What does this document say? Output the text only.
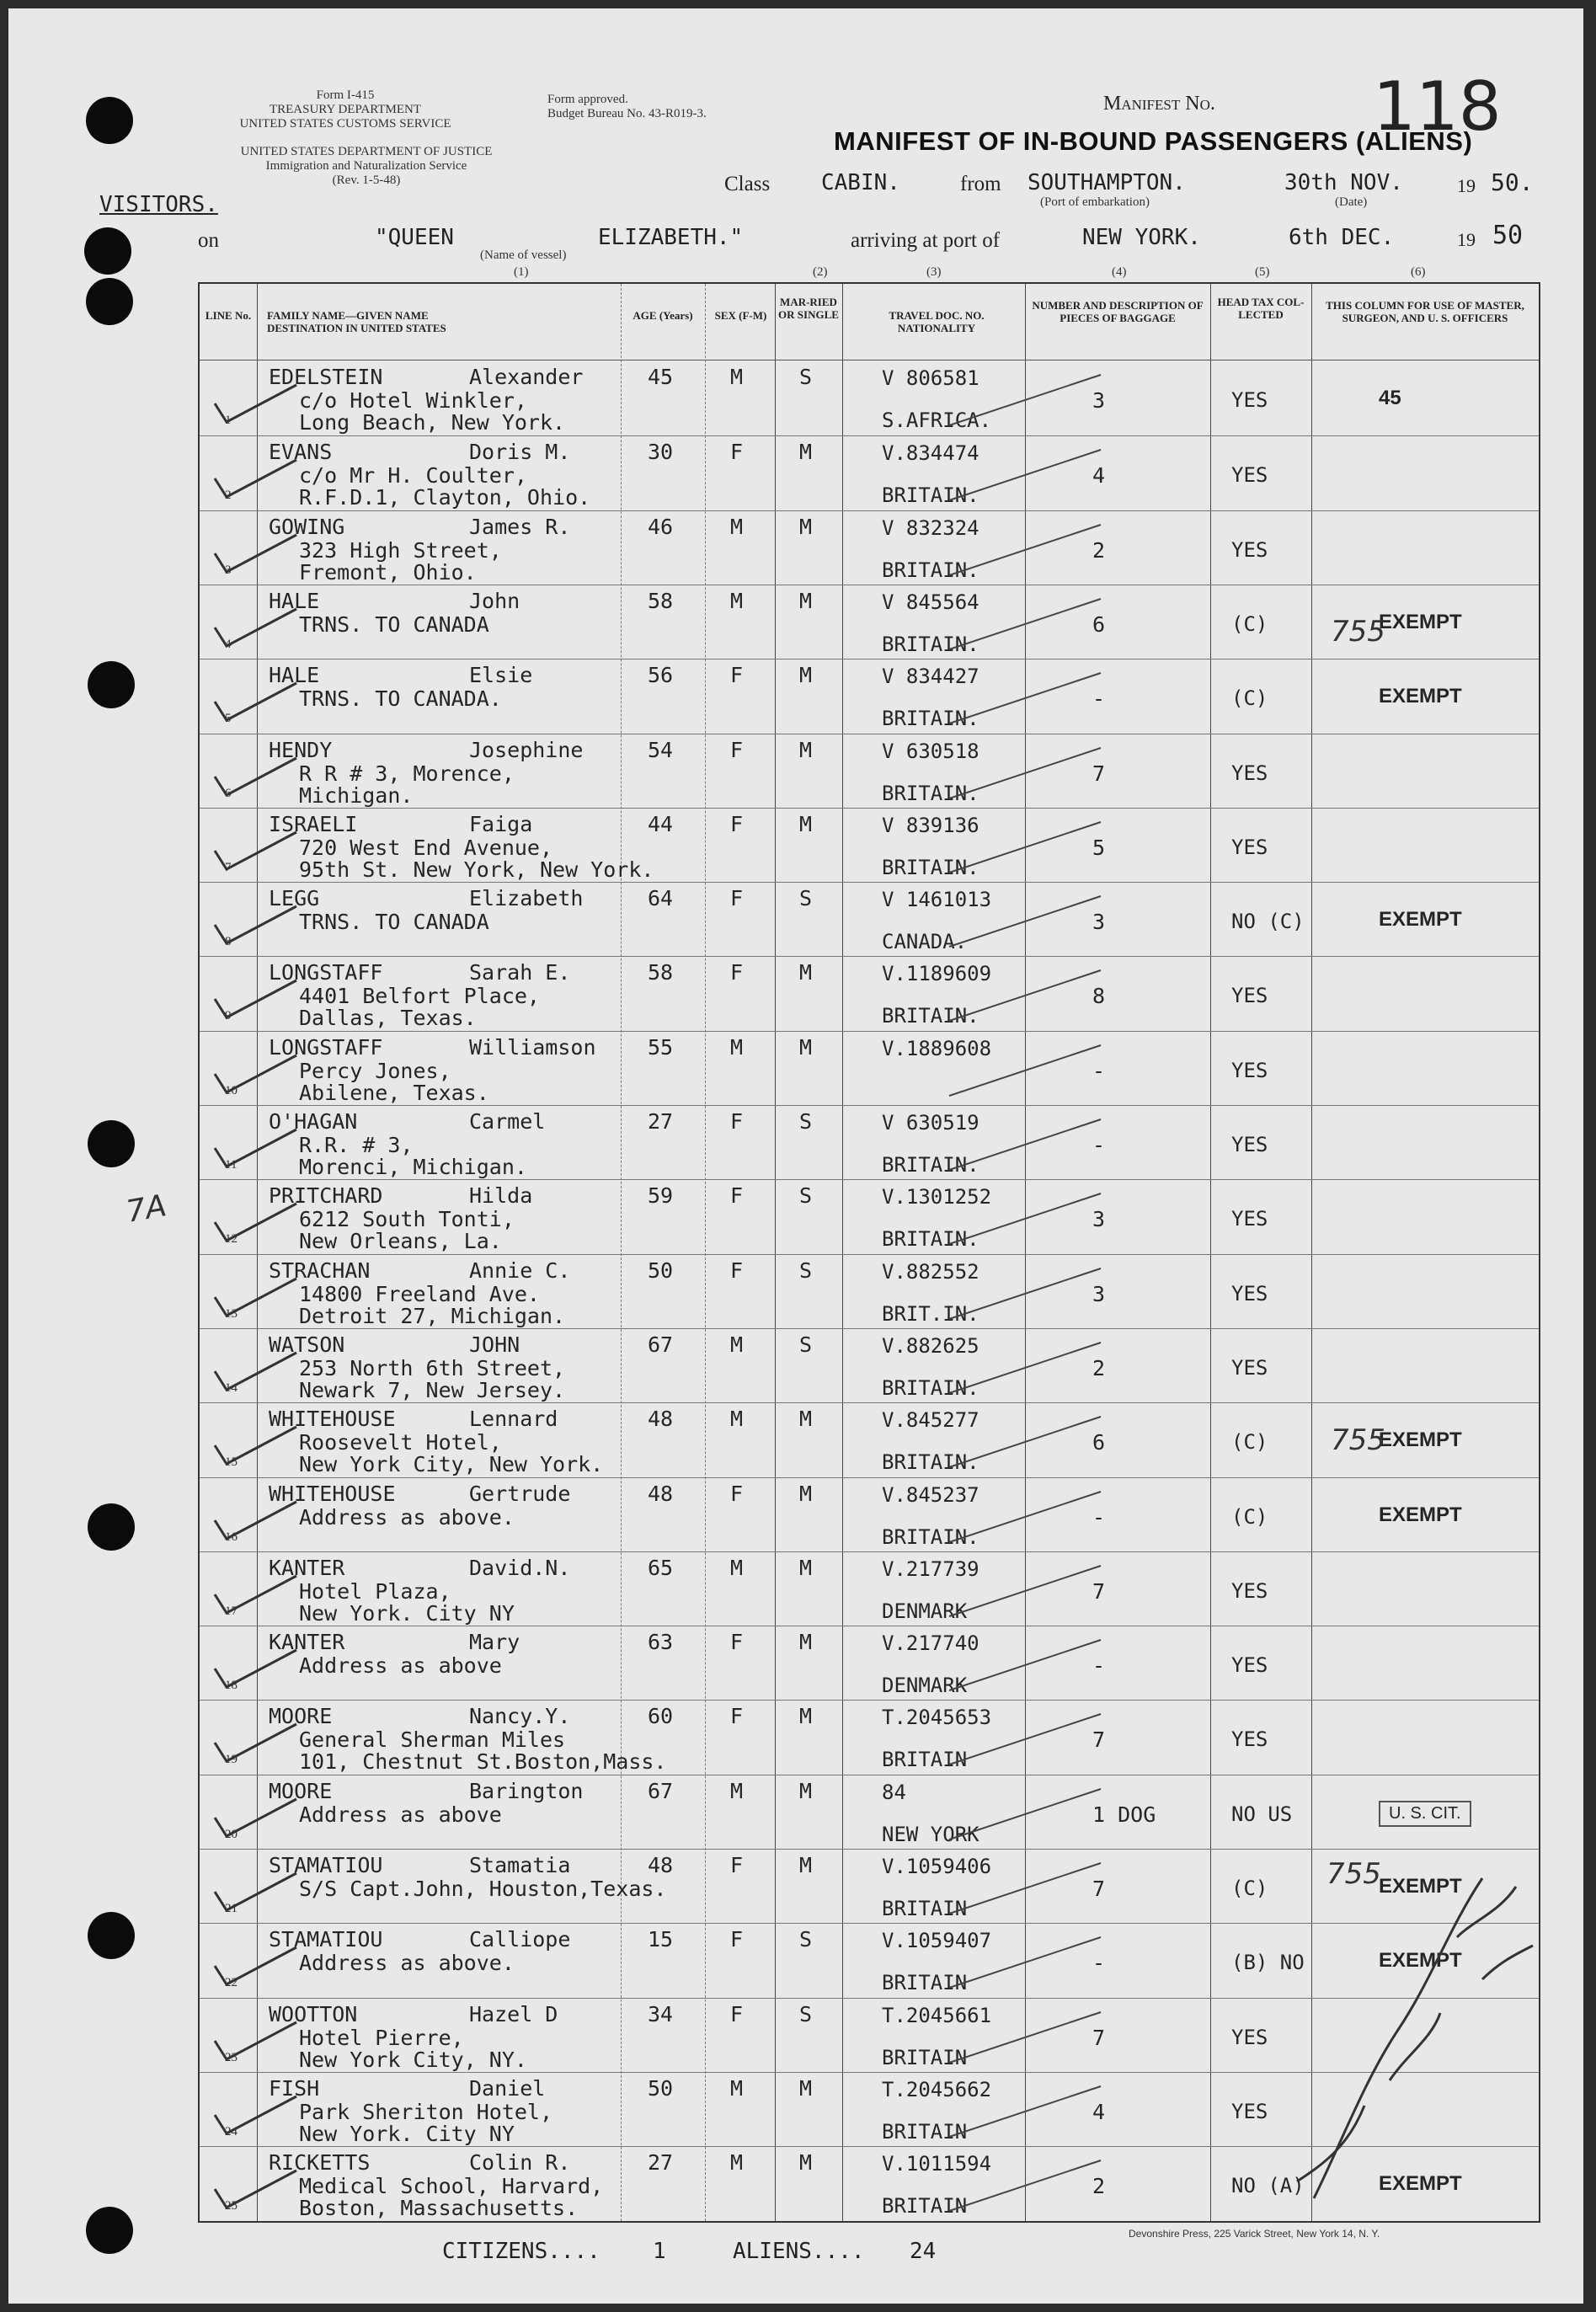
Form I-415
TREASURY DEPARTMENT
UNITED STATES CUSTOMS SERVICE
Form approved.
Budget Bureau No. 43-R019-3.
UNITED STATES DEPARTMENT OF JUSTICE
Immigration and Naturalization Service
(Rev. 1-5-48)
Manifest No. 118
MANIFEST OF IN-BOUND PASSENGERS (ALIENS)
VISITORS.
Class CABIN.	from SOUTHAMPTON.
(Port of embarkation)
30th NOV.
(Date)
19 50.
on	"QUEEN	ELIZABETH."
(Name of vessel)
arriving at port of	NEW YORK.	6th DEC.	19 50
(1)	(2)	(3)	(4)	(5)	(6)
LINE No.	FAMILY NAME—GIVEN NAME DESTINATION IN UNITED STATES
AGE (Years)	SEX (F-M)
MAR-RIED OR SINGLE	TRAVEL DOC. NO. NATIONALITY
NUMBER AND DESCRIPTION OF PIECES OF BAGGAGE
HEAD TAX COL-LECTED
THIS COLUMN FOR USE OF MASTER, SURGEON, AND U. S. OFFICERS
1
EDELSTEIN	Alexander
c/o Hotel Winkler,
Long Beach, New York.
45	M	S	V 806581
S.AFRICA.
3	YES	45
2
EVANS	Doris M.
c/o Mr H. Coulter,
R.F.D.1, Clayton, Ohio.
30	F	M	V.834474
BRITAIN.
4	YES
3
GOWING	James R.
323 High Street,
Fremont, Ohio.
46	M	M	V 832324
BRITAIN.
2	YES
4
HALE	John
TRNS. TO CANADA
58	M	M	V 845564
BRITAIN.
6	(C)	EXEMPT
5
HALE	Elsie
TRNS. TO CANADA.
56	F	M	V 834427
BRITAIN.
-	(C)	EXEMPT
6
HENDY	Josephine
R R # 3, Morence,
Michigan.
54	F	M	V 630518
BRITAIN.
7	YES
7
ISRAELI	Faiga
720 West End Avenue,
95th St. New York, New York.
44	F	M	V 839136
BRITAIN.
5	YES
8
LEGG	Elizabeth
TRNS. TO CANADA
64	F	S	V 1461013
CANADA.
3	NO (C)	EXEMPT
9
LONGSTAFF	Sarah E.
4401 Belfort Place,
Dallas, Texas.
58	F	M	V.1189609
BRITAIN.
8	YES
10
LONGSTAFF	Williamson
Percy Jones,
Abilene, Texas.
55	M	M	V.1889608
-	YES
11
O'HAGAN	Carmel
R.R. # 3,
Morenci, Michigan.
27	F	S	V 630519
BRITAIN.
-	YES
12
PRITCHARD	Hilda
6212 South Tonti,
New Orleans, La.
59	F	S	V.1301252
BRITAIN.
3	YES
13
STRACHAN	Annie C.
14800 Freeland Ave.
Detroit 27, Michigan.
50	F	S	V.882552
BRIT.IN.
3	YES
14
WATSON	JOHN
253 North 6th Street,
Newark 7, New Jersey.
67	M	S	V.882625
BRITAIN.
2	YES
15
WHITEHOUSE	Lennard
Roosevelt Hotel,
New York City, New York.
48	M	M	V.845277
BRITAIN.
6	(C)	EXEMPT
16
WHITEHOUSE	Gertrude
Address as above.
48	F	M	V.845237
BRITAIN.
-	(C)	EXEMPT
17
KANTER	David.N.
Hotel Plaza,
New York. City NY
65	M	M	V.217739
DENMARK
7	YES
18
KANTER	Mary
Address as above
63	F	M	V.217740
DENMARK
-	YES
19
MOORE	Nancy.Y.
General Sherman Miles
101, Chestnut St.Boston,Mass.
60	F	M	T.2045653
BRITAIN
7	YES
20
MOORE	Barington
Address as above
67	M	M	84
NEW YORK
1 DOG	NO US	U. S. CIT.
21
STAMATIOU	Stamatia
S/S Capt.John, Houston,Texas.
48	F	M	V.1059406
BRITAIN
7	(C)	EXEMPT
22
STAMATIOU	Calliope
Address as above.
15	F	S	V.1059407
BRITAIN
-	(B) NO	EXEMPT
23
WOOTTON	Hazel D
Hotel Pierre,
New York City, NY.
34	F	S	T.2045661
BRITAIN
7	YES
24
FISH	Daniel
Park Sheriton Hotel,
New York. City NY
50	M	M	T.2045662
BRITAIN
4	YES
25
RICKETTS	Colin R.
Medical School, Harvard,
Boston, Massachusetts.
27	M	M	V.1011594
BRITAIN
2	NO (A)	EXEMPT
CITIZENS.... 1	ALIENS.... 24
Devonshire Press, 225 Varick Street, New York 14, N. Y.
7A
755
755
755
